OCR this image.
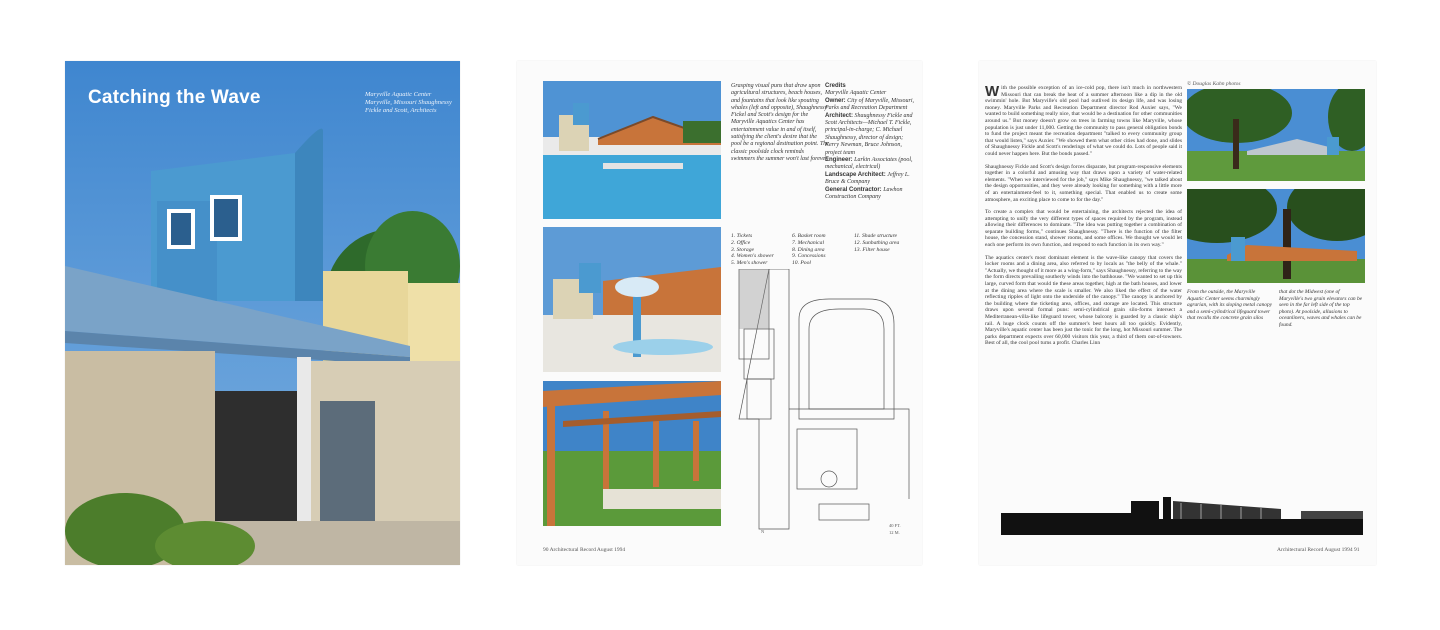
Catching the Wave	Maryville Aquatic Center Maryville, Missouri Shaughnessy Fickle and Scott, Architects
Grasping visual puns that draw upon agricultural structures, beach houses, and fountains that look like spouting whales (left and opposite), Shaughnessy Fickel and Scott's design for the Maryville Aquatics Center has entertainment value in and of itself, satisfying the client's desire that the pool be a regional destination point. The classic poolside clock reminds swimmers the summer won't last forever.
Credits
Maryville Aquatic Center
Owner: City of Maryville, Missouri, Parks and Recreation Department
Architect: Shaughnessy Fickle and Scott Architects—Michael T. Fickle, principal-in-charge; C. Michael Shaughnessy, director of design; Kerry Newman, Bruce Johnson, project team
Engineer: Larkin Associates (pool, mechanical, electrical)
Landscape Architect: Jeffrey L. Bruce & Company
General Contractor: Lawhon Construction Company
1. Tickets
2. Office
3. Storage
4. Women's shower
5. Men's shower
6. Basket room
7. Mechanical
8. Dining area
9. Concessions
10. Pool
11. Shade structure
12. Sunbathing area
13. Filter house
40 FT.
12 M.
N
90 Architectural Record August 1994

With the possible exception of an ice-cold pop, there isn't much in northwestern Missouri that can break the heat of a summer afternoon like a dip in the old swimmin' hole. But Maryville's old pool had outlived its design life, and was losing money. Maryville Parks and Recreation Department director Rod Auxier says, "We wanted to build something really nice, that would be a destination for other communities around us." But money doesn't grow on trees in farming towns like Maryville, whose population is just under 11,000. Getting the community to pass general obligation bonds to fund the project meant the recreation department "talked to every community group that would listen," says Auxier. "We showed them what other cities had done, and slides of Shaughnessy Fickle and Scott's renderings of what we could do. Lots of people said it could never happen here. But the bonds passed."

Shaughnessy Fickle and Scott's design forces disparate, but program-responsive elements together in a colorful and amusing way that draws upon a variety of water-related elements. "When we interviewed for the job," says Mike Shaughnessy, "we talked about the design opportunities, and they were already looking for something with a little more of an entertainment-feel to it, something special. That enabled us to create some atmosphere, an exciting place to come to for the day."

To create a complex that would be entertaining, the architects rejected the idea of attempting to unify the very different types of spaces required by the program, instead allowing their differences to dominate. "The idea was putting together a combination of separate building forms," continues Shaughnessy. "There is the function of the filter house, the concession stand, shower rooms, and some offices. We thought we would let each one perform its own function, and respond to each function in its own way."

The aquatics center's most dominant element is the wave-like canopy that covers the locker rooms and a dining area, also referred to by locals as "the belly of the whale." "Actually, we thought of it more as a wing-form," says Shaughnessy, referring to the way the form directs prevailing southerly winds into the bathhouse. "We wanted to set up this large, curved form that would tie these areas together, high at the bath houses, and lower at the dining area where the scale is smaller. We also liked the effect of the water reflecting ripples of light onto the underside of the canopy." The canopy is anchored by the building where the ticketing area, offices, and storage are located. This structure draws upon several formal puns: semi-cylindrical grain silo-forms intersect a Mediterranean-villa-like lifeguard tower, whose balcony is guarded by a classic ship's rail. A huge clock counts off the summer's best hours all too quickly. Evidently, Maryville's aquatic center has been just the tonic for the long, hot Missouri summer. The parks department expects over 60,000 visitors this year, a third of them out-of-towners. Best of all, the cool pool turns a profit. Charles Linn

© Douglas Kahn photos
From the outside, the Maryville Aquatic Center seems charmingly agrarian, with its sloping metal canopy and a semi-cylindrical lifeguard tower that recalls the concrete grain silos
that dot the Midwest (one of Maryville's two grain elevators can be seen in the far left side of the top photo). At poolside, allusions to oceanliners, waves and whales can be found.
Architectural Record August 1994 91
